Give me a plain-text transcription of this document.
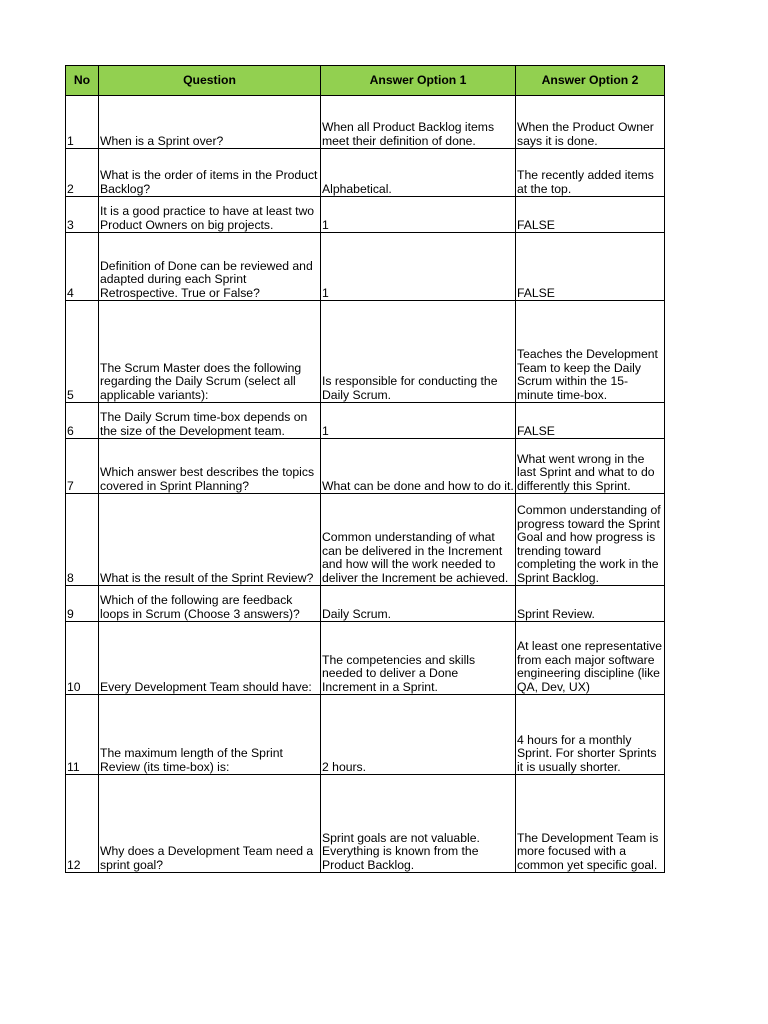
No	Question	Answer Option 1	Answer Option 2
1	When is a Sprint over?	When all Product Backlog items meet their definition of done.	When the Product Owner says it is done.
2	What is the order of items in the Product Backlog?	Alphabetical.	The recently added items at the top.
3	It is a good practice to have at least two Product Owners on big projects.	1	FALSE
4	Definition of Done can be reviewed and adapted during each Sprint Retrospective. True or False?	1	FALSE
5	The Scrum Master does the following regarding the Daily Scrum (select all applicable variants):	Is responsible for conducting the Daily Scrum.	Teaches the Development Team to keep the Daily Scrum within the 15-minute time-box.
6	The Daily Scrum time-box depends on the size of the Development team.	1	FALSE
7	Which answer best describes the topics covered in Sprint Planning?	What can be done and how to do it.	What went wrong in the last Sprint and what to do differently this Sprint.
8	What is the result of the Sprint Review?	Common understanding of what can be delivered in the Increment and how will the work needed to deliver the Increment be achieved.	Common understanding of progress toward the Sprint Goal and how progress is trending toward completing the work in the Sprint Backlog.
9	Which of the following are feedback loops in Scrum (Choose 3 answers)?	Daily Scrum.	Sprint Review.
10	Every Development Team should have:	The competencies and skills needed to deliver a Done Increment in a Sprint.	At least one representative from each major software engineering discipline (like QA, Dev, UX)
11	The maximum length of the Sprint Review (its time-box) is:	2 hours.	4 hours for a monthly Sprint. For shorter Sprints it is usually shorter.
12	Why does a Development Team need a sprint goal?	Sprint goals are not valuable. Everything is known from the Product Backlog.	The Development Team is more focused with a common yet specific goal.
